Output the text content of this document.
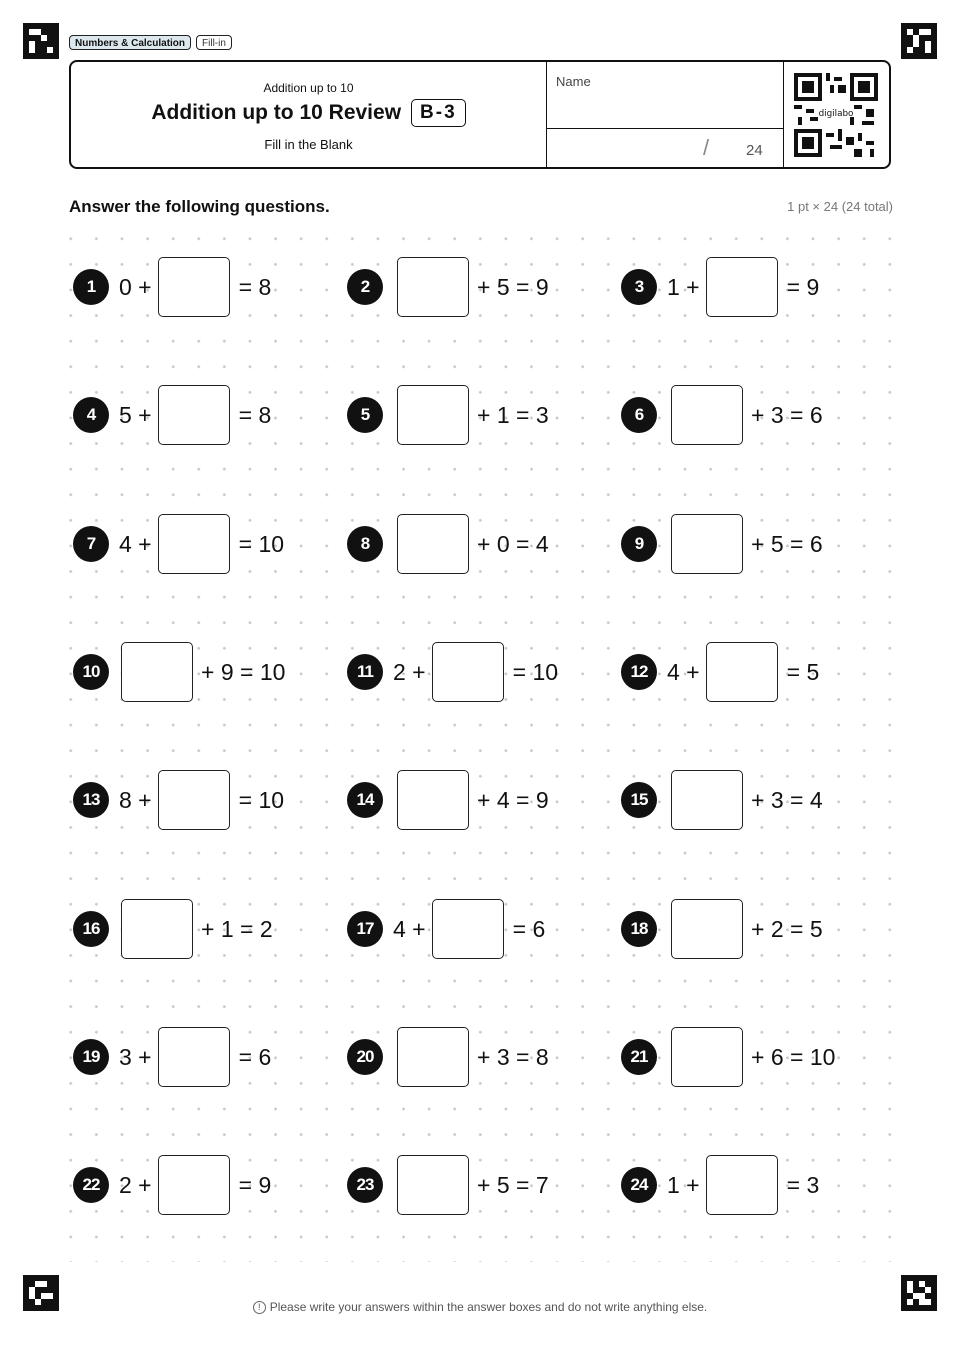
Numbers & Calculation	Fill-in
Addition up to 10
Addition up to 10 Review	B-3
Fill in the Blank
Name
/ 24
digilabo
Answer the following questions.	1 pt × 24 (24 total)
1	0 +	= 8	2	+ 5 = 9	3	1 +	= 9
4	5 +	= 8	5	+ 1 = 3	6	+ 3 = 6
7	4 +	= 10	8	+ 0 = 4	9	+ 5 = 6
10	+ 9 = 10	11 2 +	= 10	12 4 +	= 5
13 8 +	= 10	14	+ 4 = 9	15	+ 3 = 4
16	+ 1 = 2	17 4 +	= 6	18	+ 2 = 5
19 3 +	= 6	20	+ 3 = 8	21	+ 6 = 10
22 2 +	= 9	23	+ 5 = 7	24 1 +	= 3
! Please write your answers within the answer boxes and do not write anything else.
